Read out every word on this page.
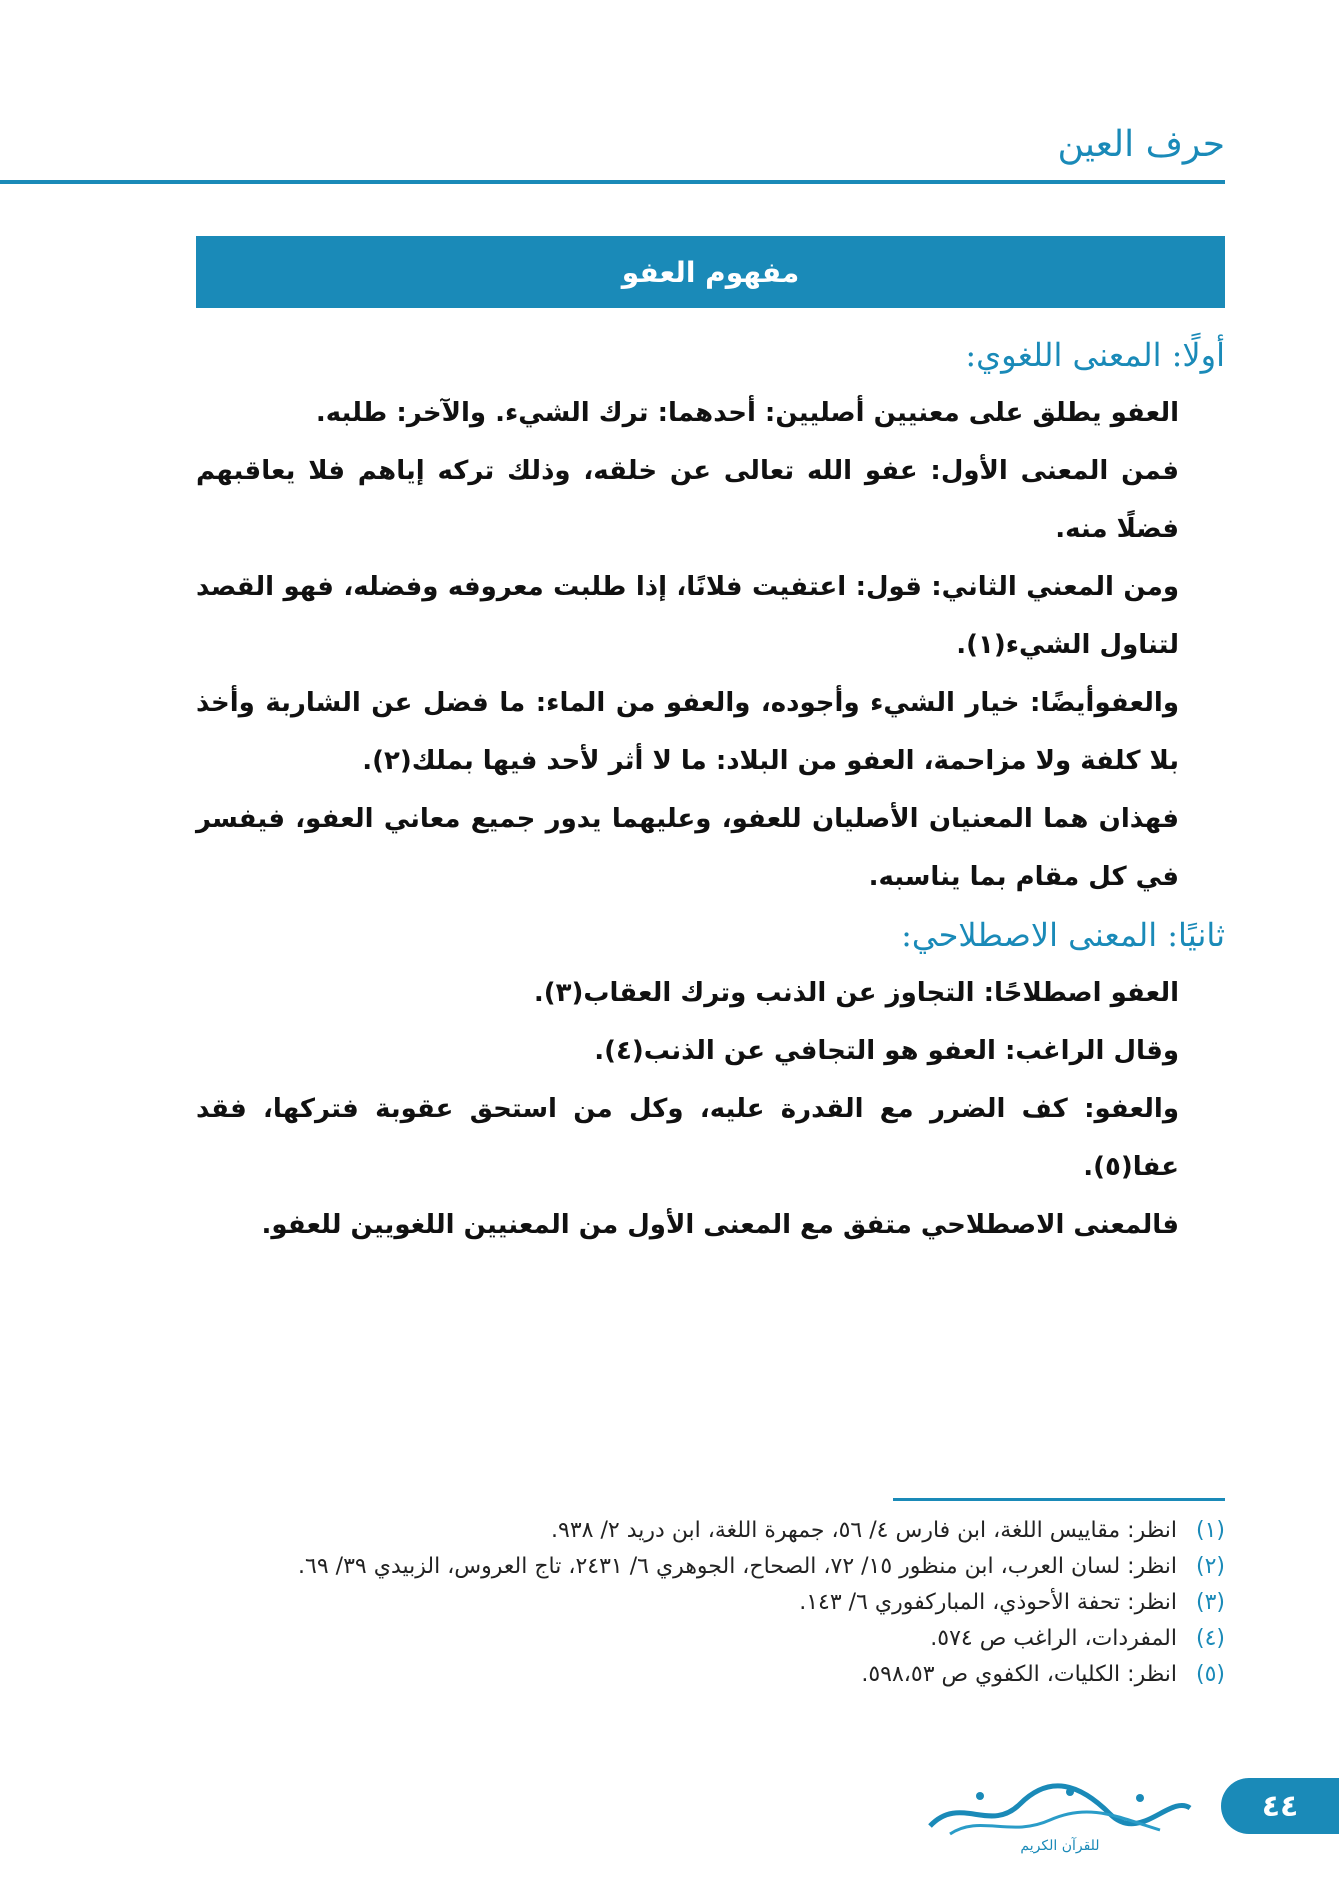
حرف العين
مفهوم العفو
أولًا: المعنى اللغوي:

العفو يطلق على معنيين أصليين: أحدهما: ترك الشيء. والآخر: طلبه.

فمن المعنى الأول: عفو الله تعالى عن خلقه، وذلك تركه إياهم فلا يعاقبهم فضلًا منه.

ومن المعني الثاني: قول: اعتفيت فلانًا، إذا طلبت معروفه وفضله، فهو القصد لتناول الشيء(١).

والعفوأيضًا: خيار الشيء وأجوده، والعفو من الماء: ما فضل عن الشاربة وأخذ بلا كلفة ولا مزاحمة، العفو من البلاد: ما لا أثر لأحد فيها بملك(٢).

فهذان هما المعنيان الأصليان للعفو، وعليهما يدور جميع معاني العفو، فيفسر في كل مقام بما يناسبه.

ثانيًا: المعنى الاصطلاحي:

العفو اصطلاحًا: التجاوز عن الذنب وترك العقاب(٣).

وقال الراغب: العفو هو التجافي عن الذنب(٤).

والعفو: كف الضرر مع القدرة عليه، وكل من استحق عقوبة فتركها، فقد عفا(٥).

فالمعنى الاصطلاحي متفق مع المعنى الأول من المعنيين اللغويين للعفو.

(١)
انظر: مقاييس اللغة، ابن فارس ٤/ ٥٦، جمهرة اللغة، ابن دريد ٢/ ٩٣٨.
(٢)
انظر: لسان العرب، ابن منظور ١٥/ ٧٢، الصحاح، الجوهري ٦/ ٢٤٣١، تاج العروس، الزبيدي ٣٩/ ٦٩.
(٣)
انظر: تحفة الأحوذي، المباركفوري ٦/ ١٤٣.
(٤)
المفردات، الراغب ص ٥٧٤.
(٥)
انظر: الكليات، الكفوي ص ٥٩٨،٥٣.
للقرآن الكريم
٤٤
